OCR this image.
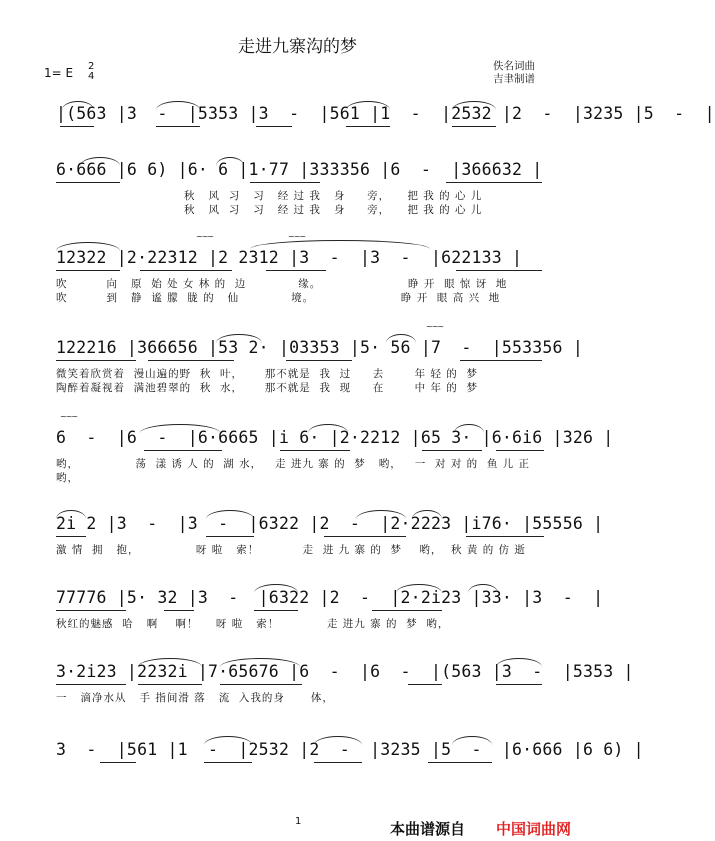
走进九寨沟的梦
佚名词曲
吉聿制谱
1= E 2
4
|(563 |3  -  |5353 |3  -  |561 |1  -  |2532 |2  -  |3235 |5  -  |
6·666 |6 6) |6· 6 |1·77 |333356 |6  -  |366632 |
秋   风  习   习   经 过 我   身     旁，    把 我 的 心 儿
秋   风  习   习   经 过 我   身     旁，    把 我 的 心 儿
12322 |2·22312 |2 2312 |3  -  |3  -  |622133 |
~~~	~~~
吹         向   原  始 处 女 林 的  边            缘。                    睁 开  眼 惊 讶  地
吹         到   静  谧 朦  胧 的   仙            境。                    睁 开  眼 高 兴  地
122216 |366656 |53 2· |03353 |5· 56 |7  -  |553356 |
~~~
微笑着欣赏着  漫山遍的野  秋  叶，     那不就是  我  过     去       年 轻 的  梦
陶醉着凝视着  满池碧翠的  秋  水，     那不就是  我  现     在       中 年 的  梦
6  -  |6  -  |6·6665 |i 6· |2·2212 |65 3· |6·6i6 |326 |
~~~
哟，             荡  漾 诱 人 的  湖 水，   走 进九 寨 的  梦   哟，   一  对 对 的  鱼 儿 正
哟，
2i 2 |3  -  |3  -  |6322 |2  -  |2·2223 |i76· |55556 |
激 情  拥   抱，             呀 啦   索！          走  进 九 寨 的  梦    哟，  秋 黄 的 仿 逝
77776 |5· 32 |3  -  |6322 |2  -  |2·2i23 |33· |3  -  |
秋红的魅感  哈   啊    啊！    呀 啦   索！           走 进九 寨 的  梦  哟，
3·2i23 |2232i |7·65676 |6  -  |6  -  |(563 |3  -  |5353 |
一   滴净水从   手 指间滑 落   流  入我的身      体，
3  -  |561 |1  -  |2532 |2  -  |3235 |5  -  |6·666 |6 6) |
1	本曲谱源自 中国词曲网
